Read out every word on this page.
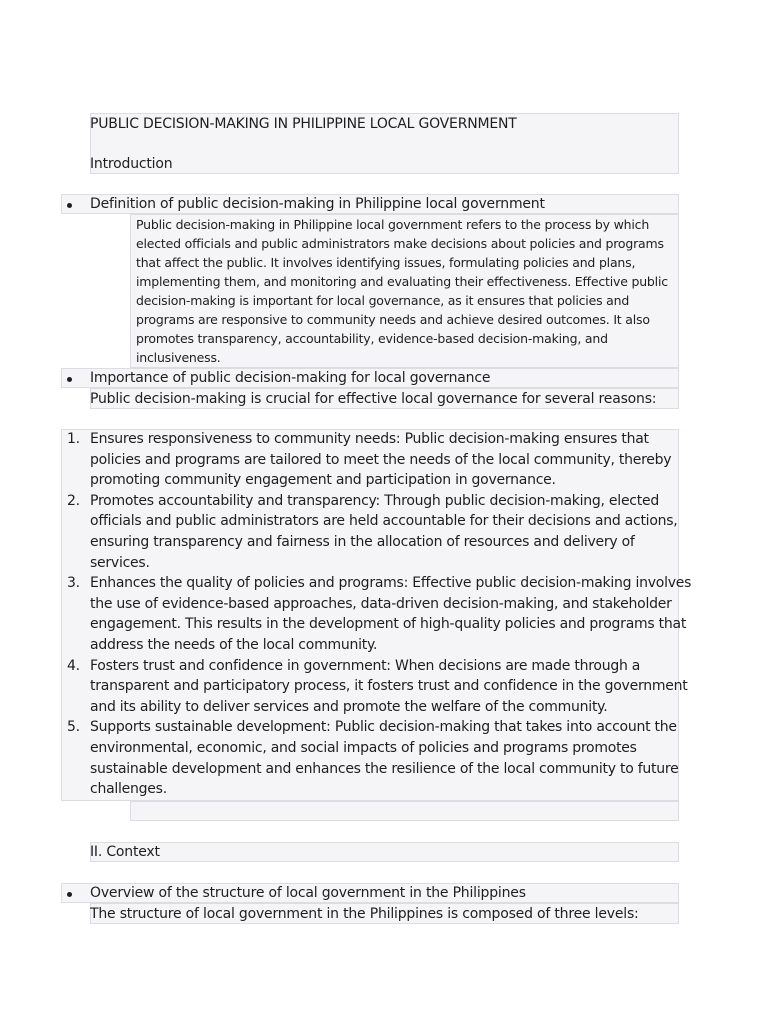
PUBLIC DECISION-MAKING IN PHILIPPINE LOCAL GOVERNMENT
Introduction
Definition of public decision-making in Philippine local government
Public decision-making in Philippine local government refers to the process by which
elected officials and public administrators make decisions about policies and programs
that affect the public. It involves identifying issues, formulating policies and plans,
implementing them, and monitoring and evaluating their effectiveness. Effective public
decision-making is important for local governance, as it ensures that policies and
programs are responsive to community needs and achieve desired outcomes. It also
promotes transparency, accountability, evidence-based decision-making, and
inclusiveness.
Importance of public decision-making for local governance
Public decision-making is crucial for effective local governance for several reasons:
1. Ensures responsiveness to community needs: Public decision-making ensures that
policies and programs are tailored to meet the needs of the local community, thereby
promoting community engagement and participation in governance.
2. Promotes accountability and transparency: Through public decision-making, elected
officials and public administrators are held accountable for their decisions and actions,
ensuring transparency and fairness in the allocation of resources and delivery of
services.
3. Enhances the quality of policies and programs: Effective public decision-making involves
the use of evidence-based approaches, data-driven decision-making, and stakeholder
engagement. This results in the development of high-quality policies and programs that
address the needs of the local community.
4. Fosters trust and confidence in government: When decisions are made through a
transparent and participatory process, it fosters trust and confidence in the government
and its ability to deliver services and promote the welfare of the community.
5. Supports sustainable development: Public decision-making that takes into account the
environmental, economic, and social impacts of policies and programs promotes
sustainable development and enhances the resilience of the local community to future
challenges.
II. Context
Overview of the structure of local government in the Philippines
The structure of local government in the Philippines is composed of three levels:
